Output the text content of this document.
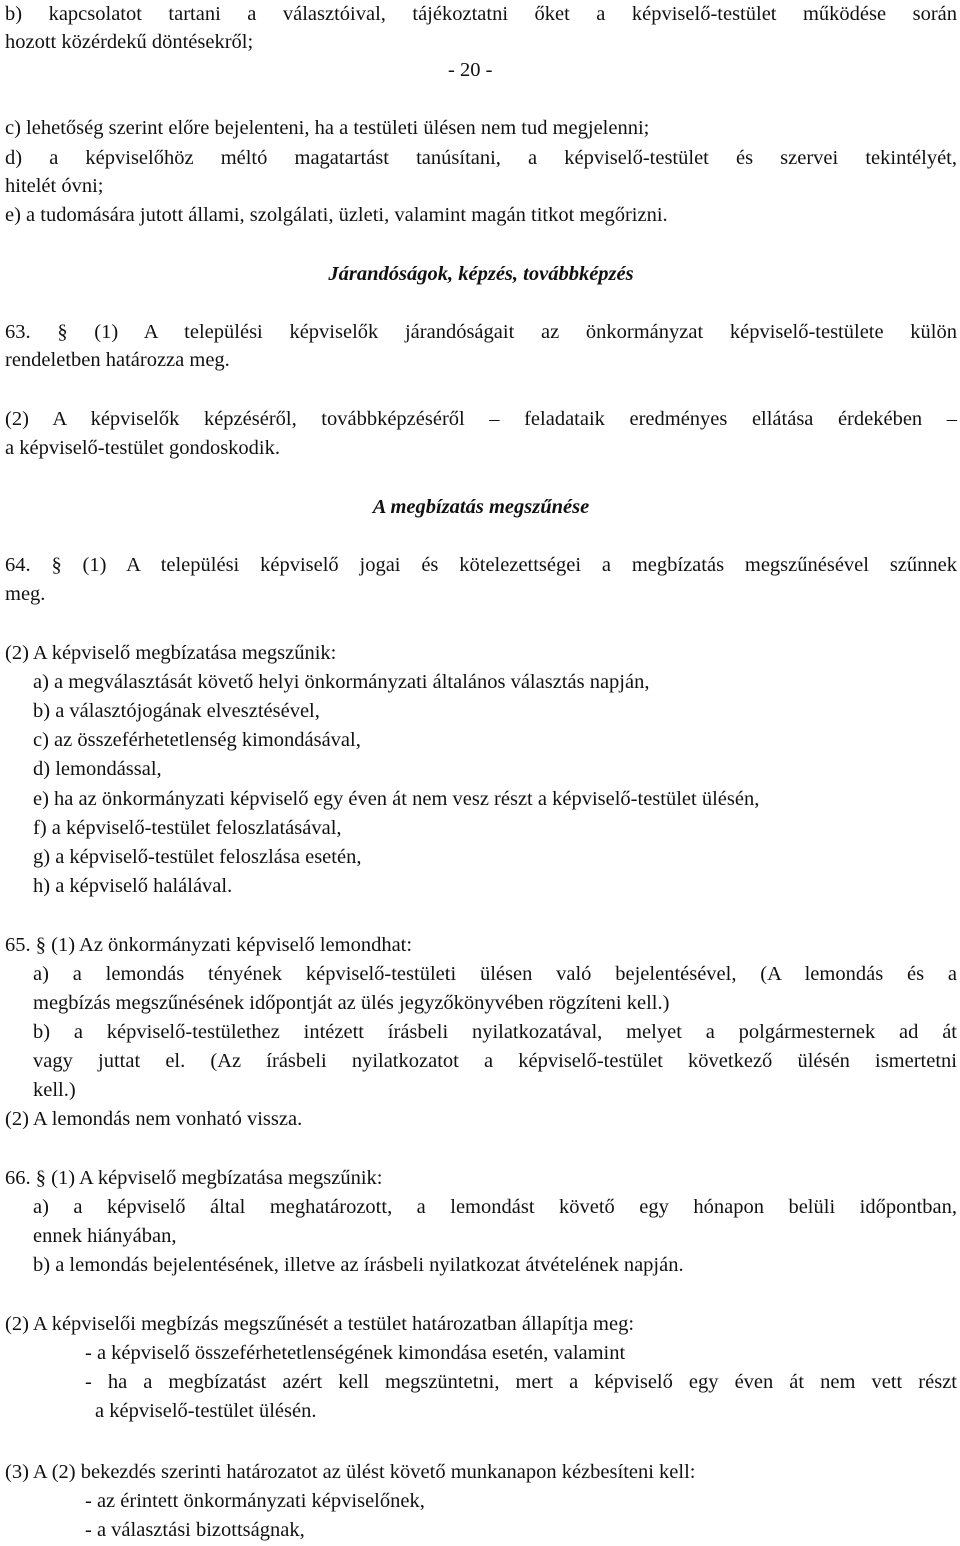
b) kapcsolatot tartani a választóival, tájékoztatni őket a képviselő-testület működése során
hozott közérdekű döntésekről;
- 20 -
c) lehetőség szerint előre bejelenteni, ha a testületi ülésen nem tud megjelenni;
d) a képviselőhöz méltó magatartást tanúsítani, a képviselő-testület és szervei tekintélyét,
hitelét óvni;
e) a tudomására jutott állami, szolgálati, üzleti, valamint magán titkot megőrizni.
Járandóságok, képzés, továbbképzés
63. § (1) A települési képviselők járandóságait az önkormányzat képviselő-testülete külön
rendeletben határozza meg.
(2) A képviselők képzéséről, továbbképzéséről – feladataik eredményes ellátása érdekében –
a képviselő-testület gondoskodik.
A megbízatás megszűnése
64. § (1) A települési képviselő jogai és kötelezettségei a megbízatás megszűnésével szűnnek
meg.
(2) A képviselő megbízatása megszűnik:
a) a megválasztását követő helyi önkormányzati általános választás napján,
b) a választójogának elvesztésével,
c) az összeférhetetlenség kimondásával,
d) lemondással,
e) ha az önkormányzati képviselő egy éven át nem vesz részt a képviselő-testület ülésén,
f) a képviselő-testület feloszlatásával,
g) a képviselő-testület feloszlása esetén,
h) a képviselő halálával.
65. § (1) Az önkormányzati képviselő lemondhat:
a) a lemondás tényének képviselő-testületi ülésen való bejelentésével, (A lemondás és a
megbízás megszűnésének időpontját az ülés jegyzőkönyvében rögzíteni kell.)
b) a képviselő-testülethez intézett írásbeli nyilatkozatával, melyet a polgármesternek ad át
vagy juttat el. (Az írásbeli nyilatkozatot a képviselő-testület következő ülésén ismertetni
kell.)
(2) A lemondás nem vonható vissza.
66. § (1) A képviselő megbízatása megszűnik:
a) a képviselő által meghatározott, a lemondást követő egy hónapon belüli időpontban,
ennek hiányában,
b) a lemondás bejelentésének, illetve az írásbeli nyilatkozat átvételének napján.
(2) A képviselői megbízás megszűnését a testület határozatban állapítja meg:
- a képviselő összeférhetetlenségének kimondása esetén, valamint
- ha a megbízatást azért kell megszüntetni, mert a képviselő egy éven át nem vett részt
a képviselő-testület ülésén.
(3) A (2) bekezdés szerinti határozatot az ülést követő munkanapon kézbesíteni kell:
- az érintett önkormányzati képviselőnek,
- a választási bizottságnak,
